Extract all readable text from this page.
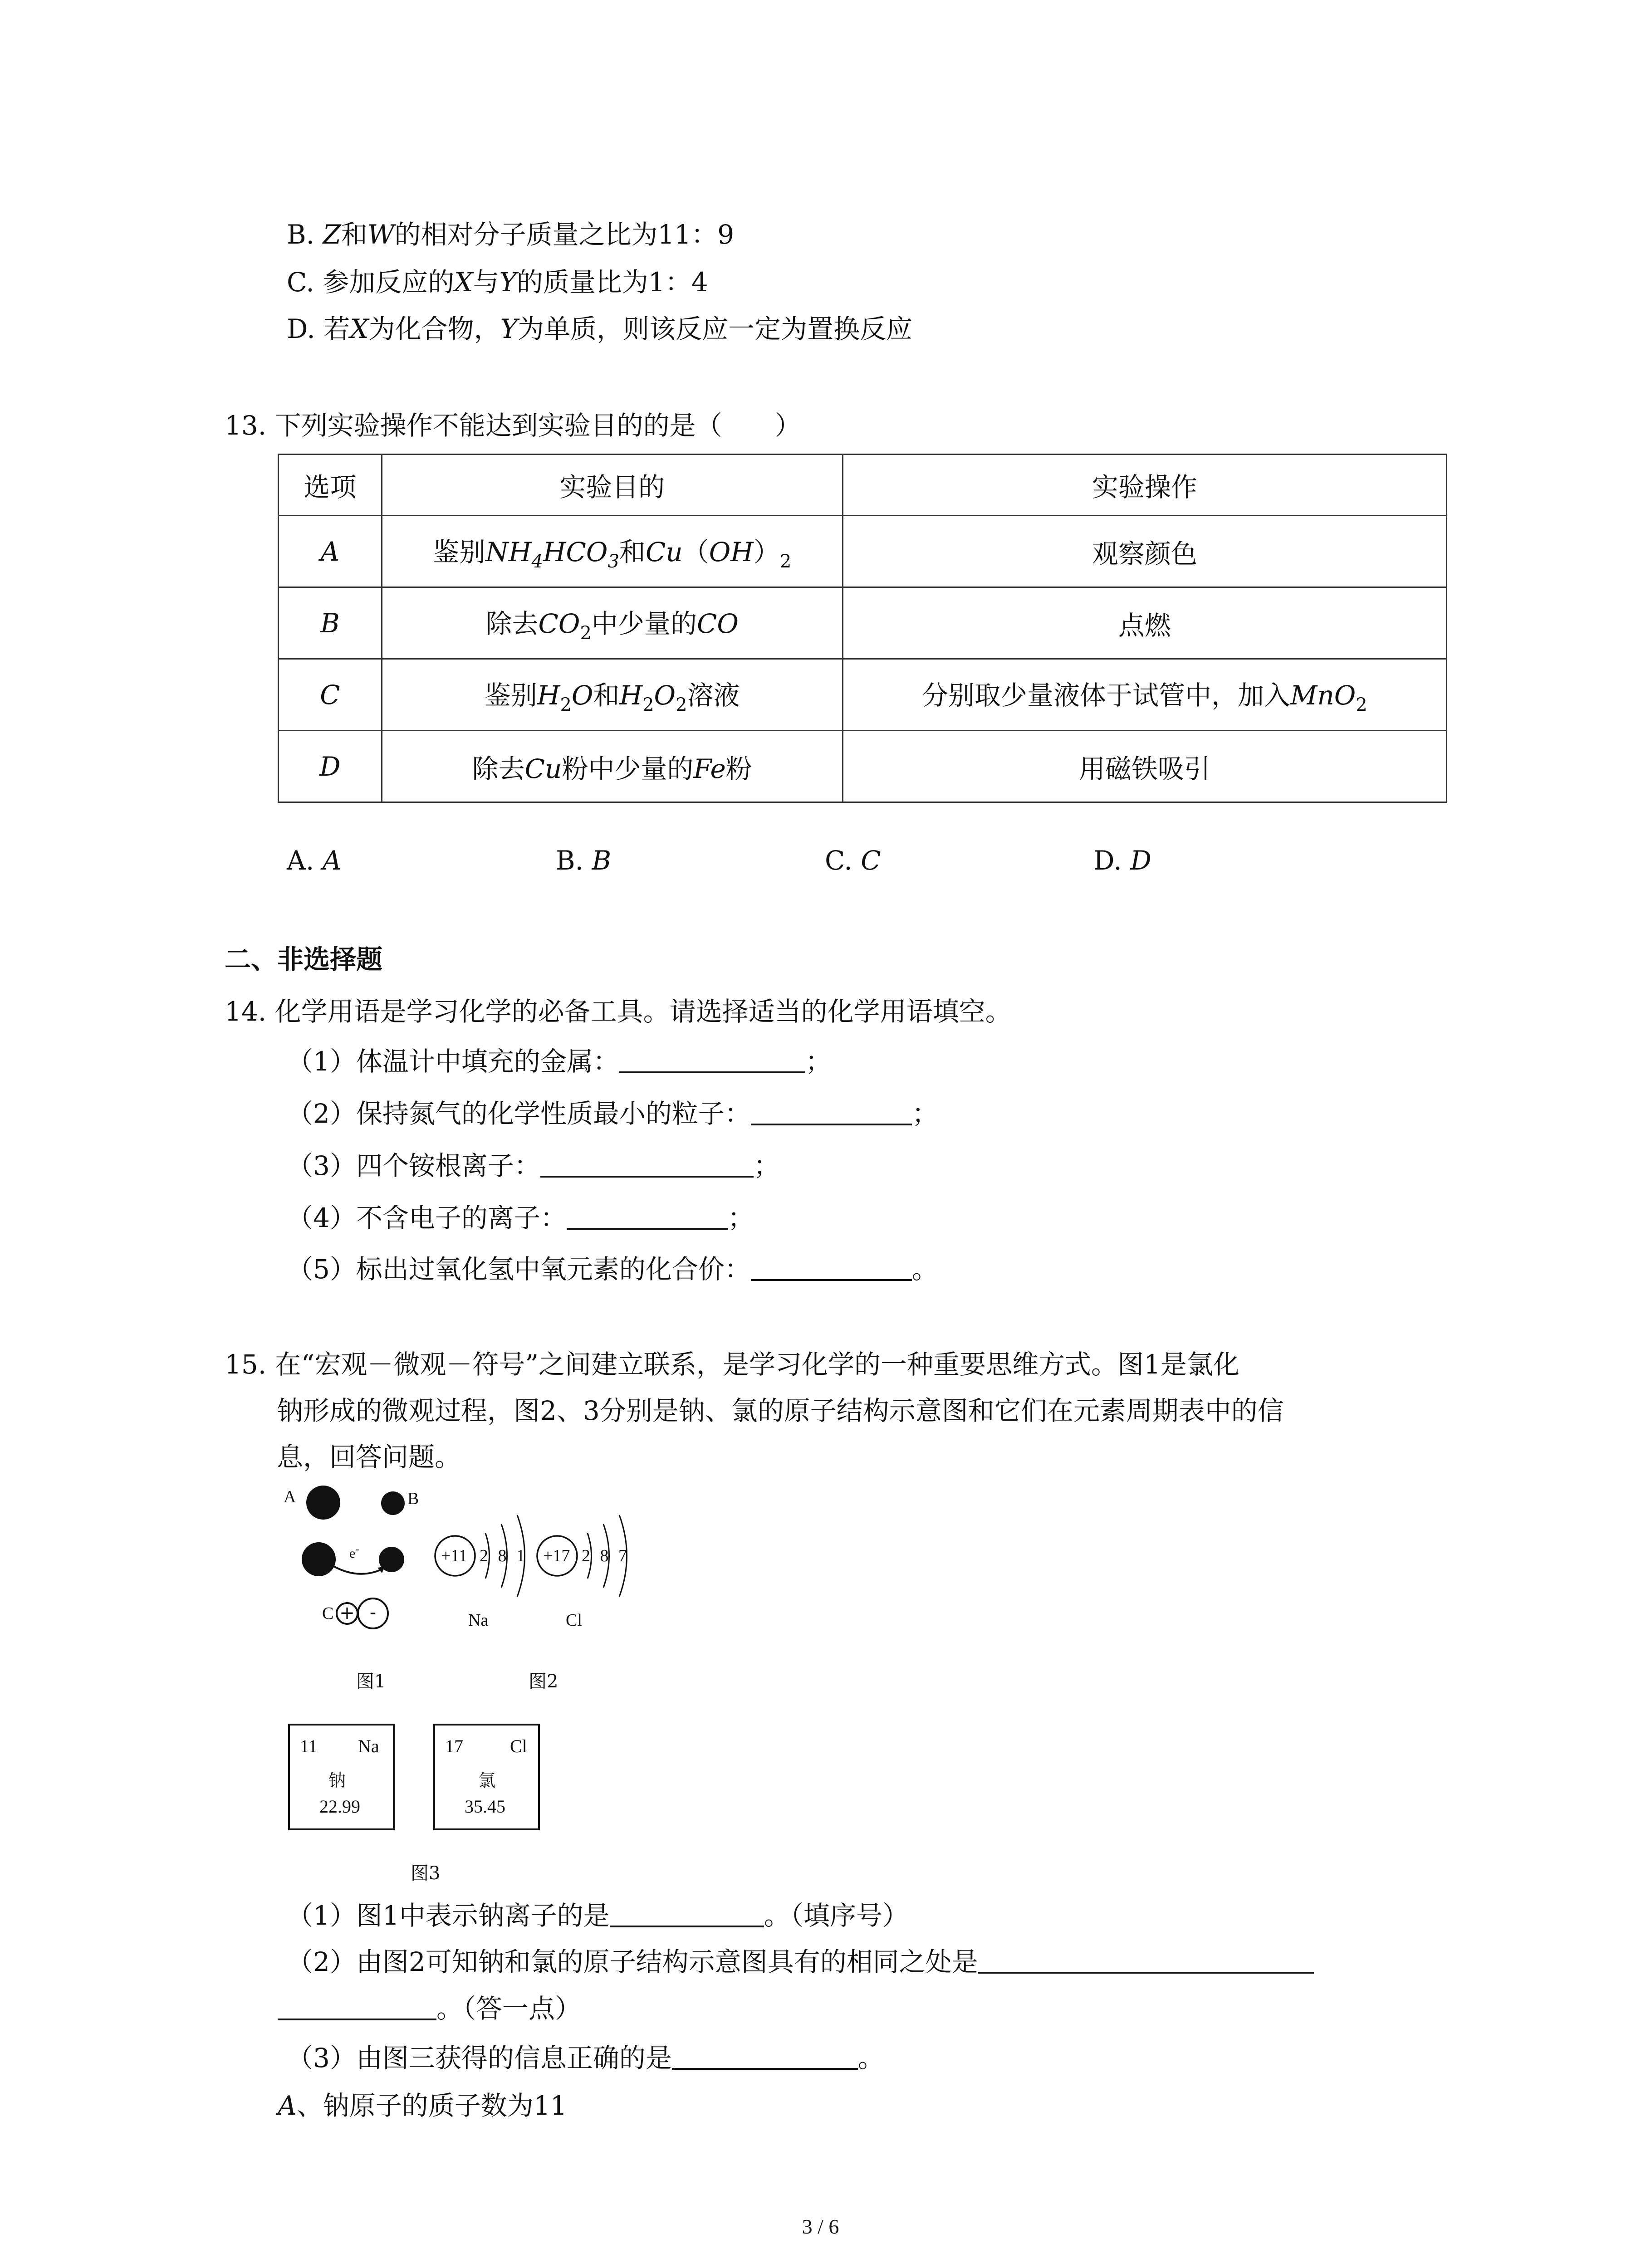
B. Z和W的相对分子质量之比为11：9
C. 参加反应的X与Y的质量比为1：4
D. 若X为化合物，Y为单质，则该反应一定为置换反应
13. 下列实验操作不能达到实验目的的是（　　）
选项	实验目的	实验操作
A	鉴别$NH_4HCO_3$和$Cu(OH)_2$	观察颜色
B	除去$CO_2$中少量的CO	点燃
C	鉴别$H_2O$和$H_2O_2$溶液	分别取少量液体于试管中，加入MnO$_2$
D	除去Cu粉中少量的Fe粉	用磁铁吸引
A. A	B. B	C. C	D. D
二、非选择题
14. 化学用语是学习化学的必备工具。请选择适当的化学用语填空。
（1）体温计中填充的金属：	；
（2）保持氮气的化学性质最小的粒子：	；
（3）四个铵根离子：	；
（4）不含电子的离子：	；
（5）标出过氧化氢中氧元素的化合价：	。
15. 在“宏观－微观－符号”之间建立联系，是学习化学的一种重要思维方式。图1是氯化
钠形成的微观过程，图2、3分别是钠、氯的原子结构示意图和它们在元素周期表中的信
息，回答问题。
A	B
e-
C + -
图1
+11 2 8 1
Na
+17 2 8 7
Cl
图2
11 Na
钠
22.99
17	Cl
氯
35.45
图3
（1）图1中表示钠离子的是	。（填序号）
（2）由图2可知钠和氯的原子结构示意图具有的相同之处是
。（答一点）
（3）由图三获得的信息正确的是	。
A、钠原子的质子数为11
3 / 6
